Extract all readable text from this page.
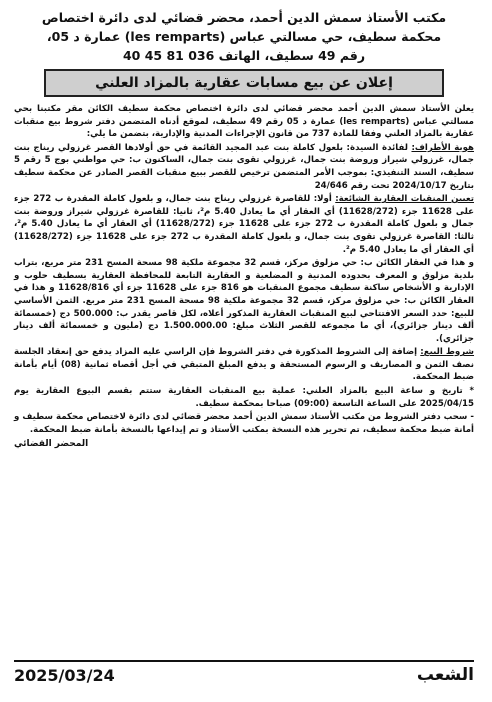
مكتب الأستاذ سمش الدين أحمد، محضر قضائي لدى دائرة اختصاص

محكمة سطيف، حي مسالتي عباس (les remparts) عمارة د 05،

رقم 49 سطيف، الهاتف 036 81 45 40

إعلان عن بيع مسابات عقارية بالمزاد العلني

يعلن الأستاذ سمش الدين أحمد محضر قضائي لدى دائرة اختصاص محكمة سطيف الكائن مقر مكتبنا بحي مسالتي عباس (les remparts) عمارة د 05 رقم 49 سطيف، لموقع أدناه المتضمن دفتر شروط بيع منقبات عقارية بالمزاد العلني وفقا للمادة 737 من قانون الإجراءات المدنية والإدارية، بتضمن ما يلي:

هوية الأطراف: لفائدة السيدة: بلعول كاملة بنت عبد المجيد القائمة في حق أولادها القصر غرزولي ريناج بنت جمال، غرزولي شيراز وروضة بنت جمال، غرزولي تقوى بنت جمال، الساكنون ب: حي مواطني بوج 5 رقم 5 سطيف، السند التنفيذي: بموجب الأمر المتضمن ترخيص للقصر ببيع منقبات القصر الصادر عن محكمة سطيف بتاريخ 2024/10/17 تحت رقم 24/646

تعيين المنقبات العقارية الشائعة: أولا: للقاصرة غرزولي ريناج بنت جمال، و بلعول كاملة المقدرة ب 272 جزء على 11628 جزء (11628/272) أي العقار أي ما يعادل 5.40 م²، ثانيا: للقاصرة غرزولي شيراز وروضة بنت جمال و بلعول كاملة المقدرة ب 272 جزء على 11628 جزء (11628/272) أي العقار أي ما يعادل 5.40 م²، ثالثا: القاصرة غرزولي تقوى بنت جمال، و بلعول كاملة المقدرة ب 272 جزء على 11628 جزء (11628/272) أي العقار أي ما يعادل 5.40 م².

و هذا في العقار الكائن ب: حي مزلوق مركز، قسم 32 مجموعة ملكية 98 مسحة المسح 231 متر مربع، بتراب بلدية مزلوق و المعرف بحدوده المدنية و المضلعية و العقارية التابعة للمحافظة العقارية بسطيف حلوب و الإدارية و الأشخاص ساكنة سطيف مجموع المنقبات هو 816 جزء على 11628 جزء أي 11628/816 و هذا في العقار الكائن ب: حي مزلوق مركز، قسم 32 مجموعة ملكية 98 مسحة المسح 231 متر مربع. الثمن الأساسي للبيع: حدد السعر الافتتاحي لبيع المنقبات العقارية المذكور أعلاه، لكل قاصر يقدر ب: 500.000 دج (خمسمائة ألف دينار جزائري)، أي ما مجموعه للقصر الثلاث مبلغ: 1.500.000.00 دج (مليون و خمسمائة ألف دينار جزائري).

شروط البيع: إضافة إلى الشروط المذكورة في دفتر الشروط فإن الراسي عليه المزاد يدفع حق إنعقاد الجلسة نصف الثمن و المصاريف و الرسوم المستحقة و يدفع المبلغ المتبقي في أجل أقصاه ثمانية (08) أيام بأمانة ضبط المحكمة.

* تاريخ و ساعة البيع بالمزاد العلني: عملية بيع المنقبات العقارية ستتم بقسم البيوع العقارية يوم 2025/04/15 على الساعة التاسعة (09:00) صباحا بمحكمة سطيف.

- سحب دفتر الشروط من مكتب الأستاذ سمش الدين أحمد محضر قضائي لدى دائرة لاختصاص محكمة سطيف و أمانة ضبط محكمة سطيف، تم تحرير هذه النسخة بمكتب الأستاذ و تم إيداعها بالنسخة بأمانة ضبط المحكمة.

المحضر القضائي
الشعب
2025/03/24
